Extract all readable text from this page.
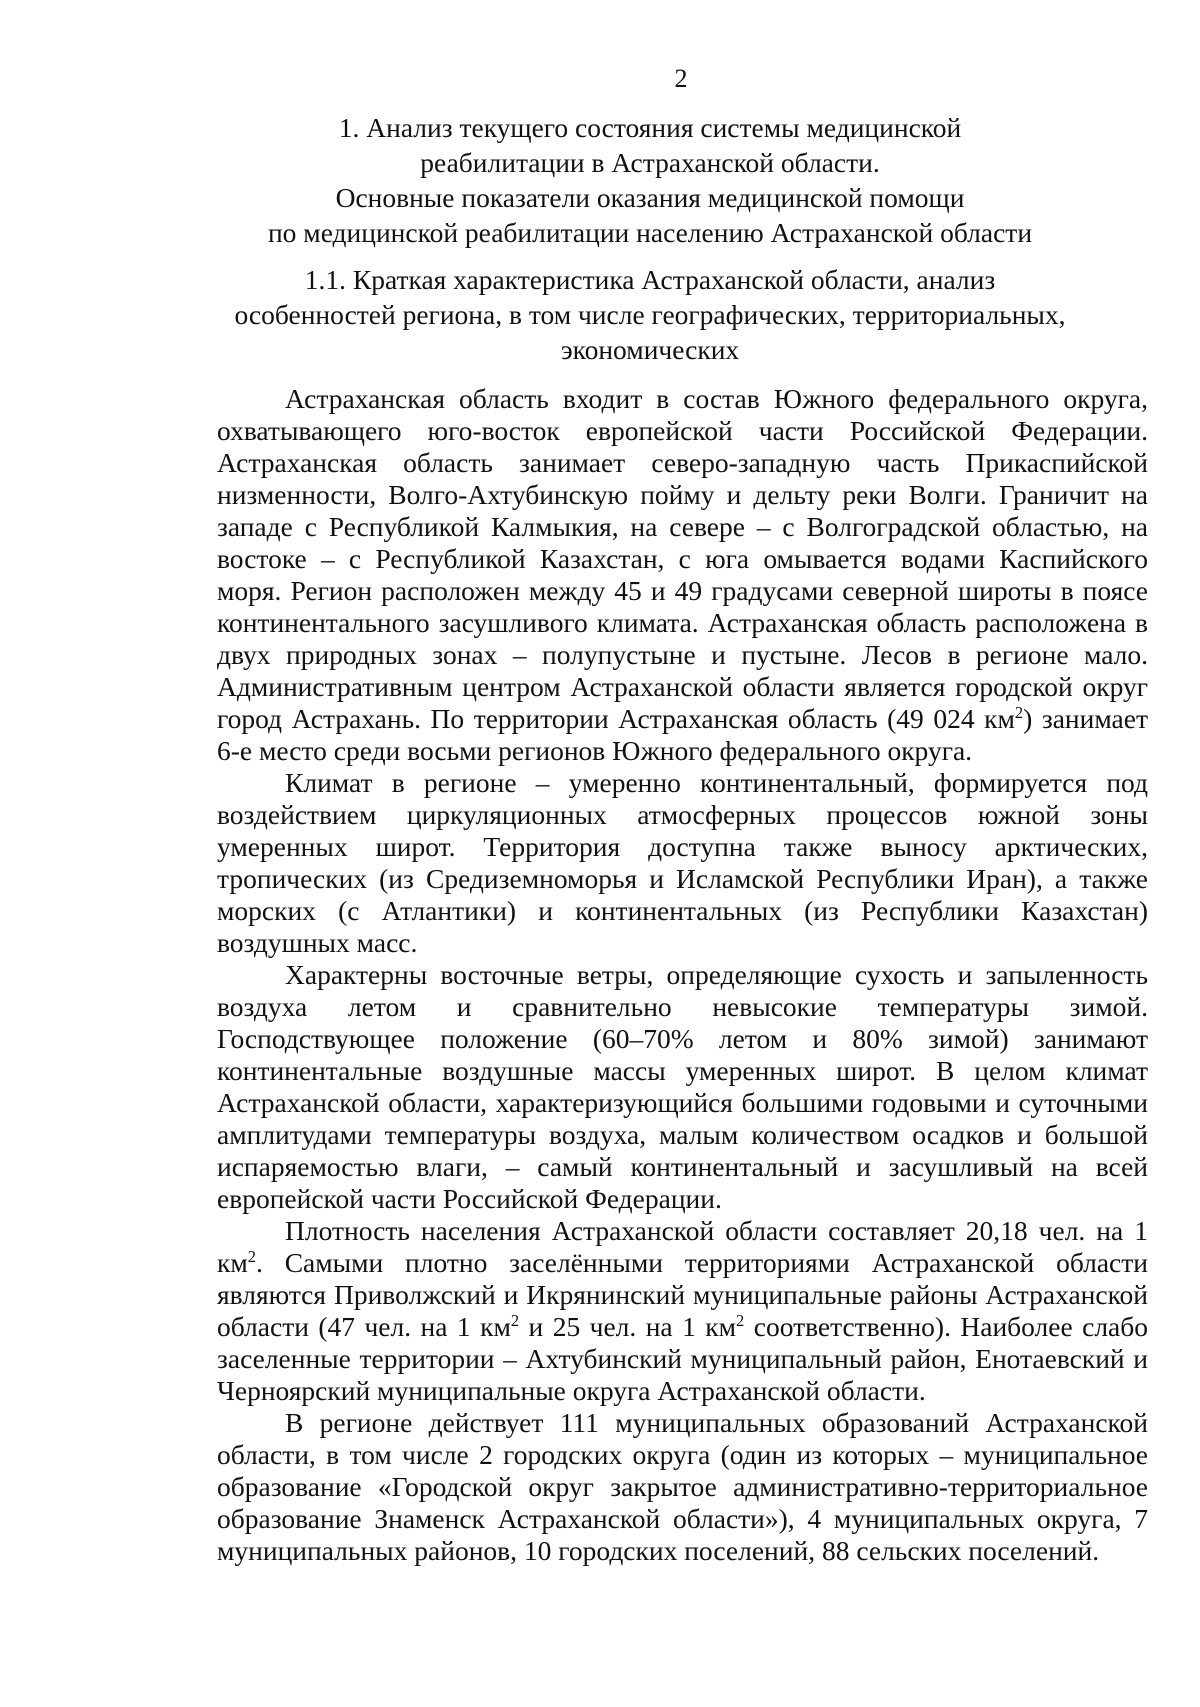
2
1. Анализ текущего состояния системы медицинской
реабилитации в Астраханской области.
Основные показатели оказания медицинской помощи
по медицинской реабилитации населению Астраханской области
1.1. Краткая характеристика Астраханской области, анализ
особенностей региона, в том числе географических, территориальных,
экономических

Астраханская область входит в состав Южного федерального округа, охватывающего юго-восток европейской части Российской Федерации. Астраханская область занимает северо-западную часть Прикаспийской низменности, Волго-Ахтубинскую пойму и дельту реки Волги. Граничит на западе с Республикой Калмыкия, на севере – с Волгоградской областью, на востоке – с Республикой Казахстан, с юга омывается водами Каспийского моря. Регион расположен между 45 и 49 градусами северной широты в поясе континентального засушливого климата. Астраханская область расположена в двух природных зонах – полупустыне и пустыне. Лесов в регионе мало. Административным центром Астраханской области является городской округ город Астрахань. По территории Астраханская область (49 024 $км^2$) занимает 6-е место среди восьми регионов Южного федерального округа.

Климат в регионе – умеренно континентальный, формируется под воздействием циркуляционных атмосферных процессов южной зоны умеренных широт. Территория доступна также выносу арктических, тропических (из Средиземноморья и Исламской Республики Иран), а также морских (с Атлантики) и континентальных (из Республики Казахстан) воздушных масс.

Характерны восточные ветры, определяющие сухость и запыленность воздуха летом и сравнительно невысокие температуры зимой. Господствующее положение (60–70% летом и 80% зимой) занимают континентальные воздушные массы умеренных широт. В целом климат Астраханской области, характеризующийся большими годовыми и суточными амплитудами температуры воздуха, малым количеством осадков и большой испаряемостью влаги, – самый континентальный и засушливый на всей европейской части Российской Федерации.

Плотность населения Астраханской области составляет 20,18 чел. на 1 $км^2$. Самыми плотно заселёнными территориями Астраханской области являются Приволжский и Икрянинский муниципальные районы Астраханской области (47 чел. на 1 $км^2$ и 25 чел. на 1 $км^2$ соответственно). Наиболее слабо заселенные территории – Ахтубинский муниципальный район, Енотаевский и Черноярский муниципальные округа Астраханской области.

В регионе действует 111 муниципальных образований Астраханской области, в том числе 2 городских округа (один из которых – муниципальное образование «Городской округ закрытое административно-территориальное образование Знаменск Астраханской области»), 4 муниципальных округа, 7 муниципальных районов, 10 городских поселений, 88 сельских поселений.
